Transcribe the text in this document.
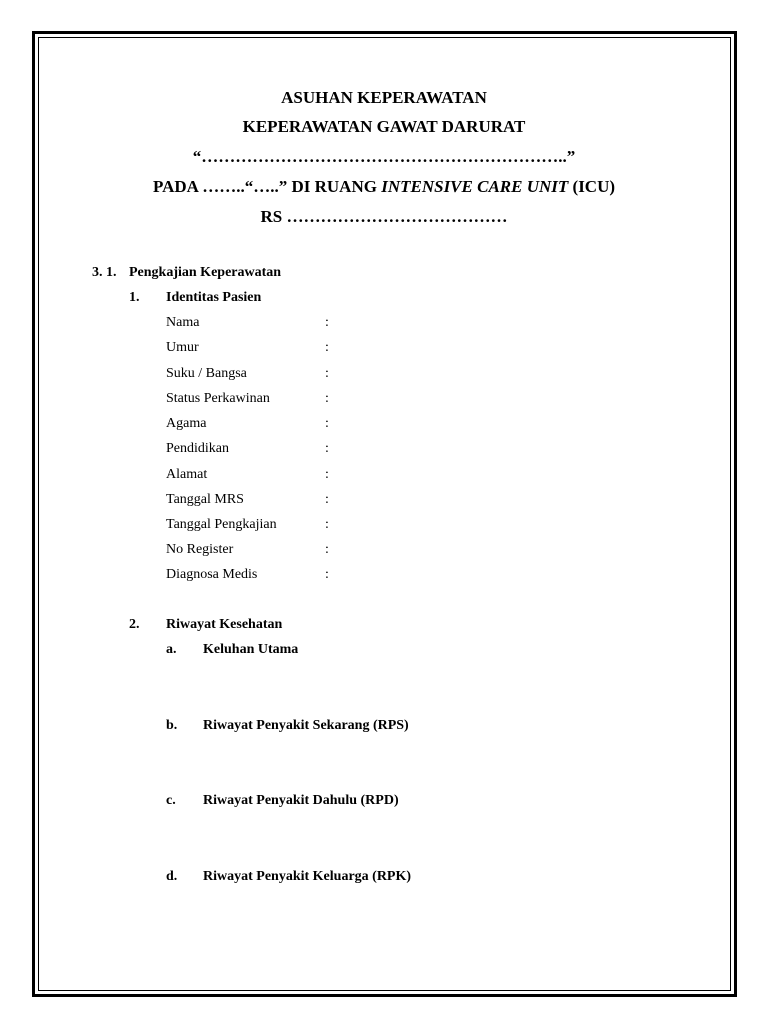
ASUHAN KEPERAWATAN
KEPERAWATAN GAWAT DARURAT
“………………………………………………………..”
PADA ……..“…..” DI RUANG INTENSIVE CARE UNIT (ICU)
RS …………………………………
3. 1. Pengkajian Keperawatan
1. Identitas Pasien
Nama	:
Umur	:
Suku / Bangsa	:
Status Perkawinan	:
Agama	:
Pendidikan	:
Alamat	:
Tanggal MRS	:
Tanggal Pengkajian	:
No Register	:
Diagnosa Medis	:
2. Riwayat Kesehatan
a. Keluhan Utama
b. Riwayat Penyakit Sekarang (RPS)
c. Riwayat Penyakit Dahulu (RPD)
d. Riwayat Penyakit Keluarga (RPK)
